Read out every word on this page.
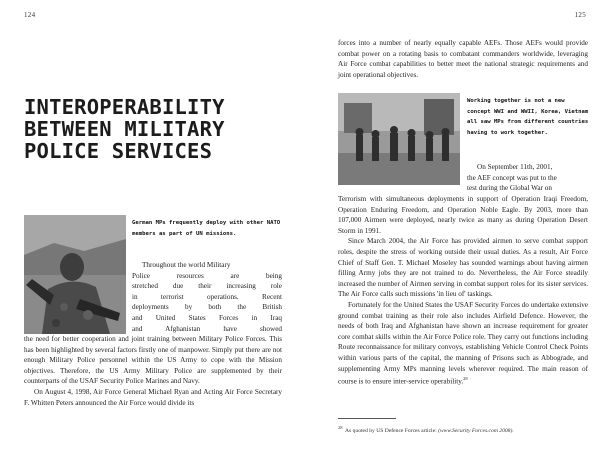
124
INTEROPERABILITY
BETWEEN MILITARY
POLICE SERVICES
German MPs frequently deploy with other NATO members as part of UN missions.
Throughout the world Military
Police resources are being
stretched due their increasing role
in terrorist operations. Recent
deployments by both the British
and United States Forces in Iraq
and Afghanistan have showed

the need for better cooperation and joint training between Military Police Forces. This has been highlighted by several factors firstly one of manpower. Simply put there are not enough Military Police personnel within the US Army to cope with the Mission objectives. Therefore, the US Army Military Police are supplemented by their counterparts of the USAF Security Police Marines and Navy.

On August 4, 1998, Air Force General Michael Ryan and Acting Air Force Secretary F. Whitten Peters announced the Air Force would divide its

125

forces into a number of nearly equally capable AEFs. Those AEFs would provide combat power on a rotating basis to combatant commanders worldwide, leveraging Air Force combat capabilities to better meet the national strategic requirements and joint operational objectives.

Working together is not a new concept WWI and WWII, Korea, Vietnam all saw MPs from different countries having to work together.
On September 11th, 2001,
the AEF concept was put to the
test during the Global War on

Terrorism with simultaneous deployments in support of Operation Iraqi Freedom, Operation Enduring Freedom, and Operation Noble Eagle. By 2003, more than 107,000 Airmen were deployed, nearly twice as many as during Operation Desert Storm in 1991.

Since March 2004, the Air Force has provided airmen to serve combat support roles, despite the stress of working outside their usual duties. As a result, Air Force Chief of Staff Gen. T. Michael Moseley has sounded warnings about having airmen filling Army jobs they are not trained to do. Nevertheless, the Air Force steadily increased the number of Airmen serving in combat support roles for its sister services. The Air Force calls such missions 'in lieu of' taskings.

Fortunately for the United States the USAF Security Forces do undertake extensive ground combat training as their role also includes Airfield Defence. However, the needs of both Iraq and Afghanistan have shown an increase requirement for greater core combat skills within the Air Force Police role. They carry out functions including Route reconnaissance for military convoys, establishing Vehicle Control Check Points within various parts of the capital, the manning of Prisons such as Abbograde, and supplementing Army MPs manning levels wherever required. The main reason of course is to ensure inter-service operability.$^{28}$

$^{28}$  As quoted by US Defence Forces article: (www.Security Forces.com 2008).
